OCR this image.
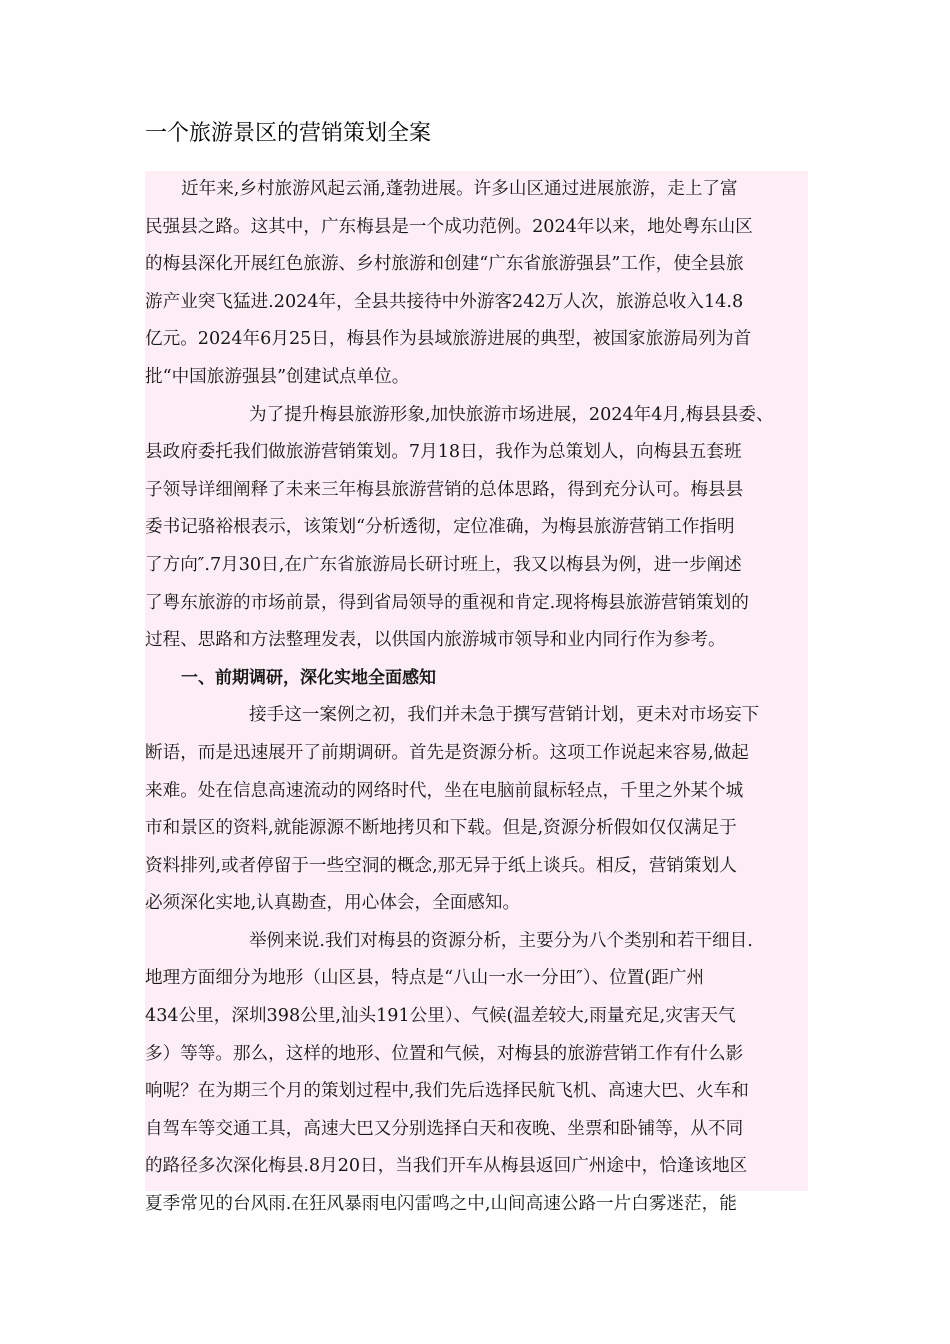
一个旅游景区的营销策划全案
近年来,乡村旅游风起云涌,蓬勃进展。许多山区通过进展旅游，走上了富
民强县之路。这其中，广东梅县是一个成功范例。2024年以来，地处粤东山区
的梅县深化开展红色旅游、乡村旅游和创建“广东省旅游强县”工作，使全县旅
游产业突飞猛进.2024年，全县共接待中外游客242万人次，旅游总收入14.8
亿元。2024年6月25日，梅县作为县域旅游进展的典型，被国家旅游局列为首
批“中国旅游强县”创建试点单位。
为了提升梅县旅游形象,加快旅游市场进展，2024年4月,梅县县委、
县政府委托我们做旅游营销策划。7月18日，我作为总策划人，向梅县五套班
子领导详细阐释了未来三年梅县旅游营销的总体思路，得到充分认可。梅县县
委书记骆裕根表示，该策划“分析透彻，定位准确，为梅县旅游营销工作指明
了方向″.7月30日,在广东省旅游局长研讨班上，我又以梅县为例，进一步阐述
了粤东旅游的市场前景，得到省局领导的重视和肯定.现将梅县旅游营销策划的
过程、思路和方法整理发表，以供国内旅游城市领导和业内同行作为参考。
一、前期调研，深化实地全面感知
接手这一案例之初，我们并未急于撰写营销计划，更未对市场妄下
断语，而是迅速展开了前期调研。首先是资源分析。这项工作说起来容易,做起
来难。处在信息高速流动的网络时代，坐在电脑前鼠标轻点，千里之外某个城
市和景区的资料,就能源源不断地拷贝和下载。但是,资源分析假如仅仅满足于
资料排列,或者停留于一些空洞的概念,那无异于纸上谈兵。相反，营销策划人
必须深化实地,认真勘查，用心体会，全面感知。
举例来说.我们对梅县的资源分析，主要分为八个类别和若干细目.
地理方面细分为地形（山区县，特点是“八山一水一分田″）、位置(距广州
434公里，深圳398公里,汕头191公里）、气候(温差较大,雨量充足,灾害天气
多）等等。那么，这样的地形、位置和气候，对梅县的旅游营销工作有什么影
响呢？在为期三个月的策划过程中,我们先后选择民航飞机、高速大巴、火车和
自驾车等交通工具，高速大巴又分别选择白天和夜晚、坐票和卧铺等，从不同
的路径多次深化梅县.8月20日，当我们开车从梅县返回广州途中，恰逢该地区
夏季常见的台风雨.在狂风暴雨电闪雷鸣之中,山间高速公路一片白雾迷茫，能
